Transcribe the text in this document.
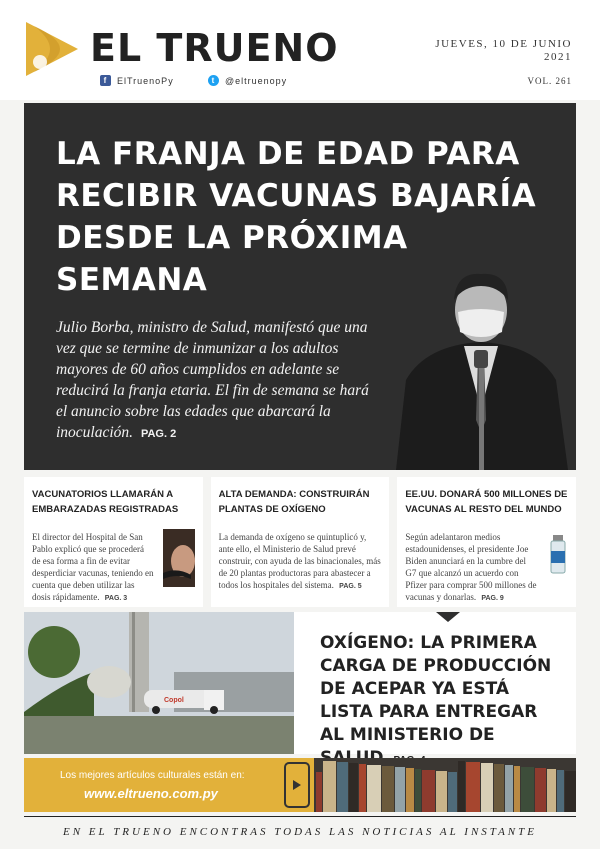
EL TRUENO
f	ElTruenoPy	t	@eltruenopy
JUEVES, 10 DE JUNIO 2021
VOL. 261
LA FRANJA DE EDAD PARA RECIBIR VACUNAS BAJARÍA DESDE LA PRÓXIMA SEMANA
Julio Borba, ministro de Salud, manifestó que una vez que se termine de inmunizar a los adultos mayores de 60 años cumplidos en adelante se reducirá la franja etaria. El fin de semana se hará el anuncio sobre las edades que abarcará la inoculación. PAG. 2
VACUNATORIOS LLAMARÁN A EMBARAZADAS REGISTRADAS

El director del Hospital de San Pablo explicó que se procederá de esa forma a fin de evitar desperdiciar vacunas, teniendo en cuenta que deben utilizar las dosis rápidamente. PAG. 3

ALTA DEMANDA: CONSTRUIRÁN PLANTAS DE OXÍGENO

La demanda de oxígeno se quintuplicó y, ante ello, el Ministerio de Salud prevé construir, con ayuda de las binacionales, más de 20 plantas productoras para abastecer a todos los hospitales del sistema. PAG. 5

EE.UU. DONARÁ 500 MILLONES DE VACUNAS AL RESTO DEL MUNDO

Según adelantaron medios estadounidenses, el presidente Joe Biden anunciará en la cumbre del G7 que alcanzó un acuerdo con Pfizer para comprar 500 millones de vacunas y donarlas. PAG. 9

Copol
OXÍGENO: LA PRIMERA CARGA DE PRODUCCIÓN DE ACEPAR YA ESTÁ LISTA PARA ENTREGAR AL MINISTERIO DE
Los mejores artículos culturales están en:
www.eltrueno.com.py
EN EL TRUENO ENCONTRAS TODAS LAS NOTICIAS AL INSTANTE
